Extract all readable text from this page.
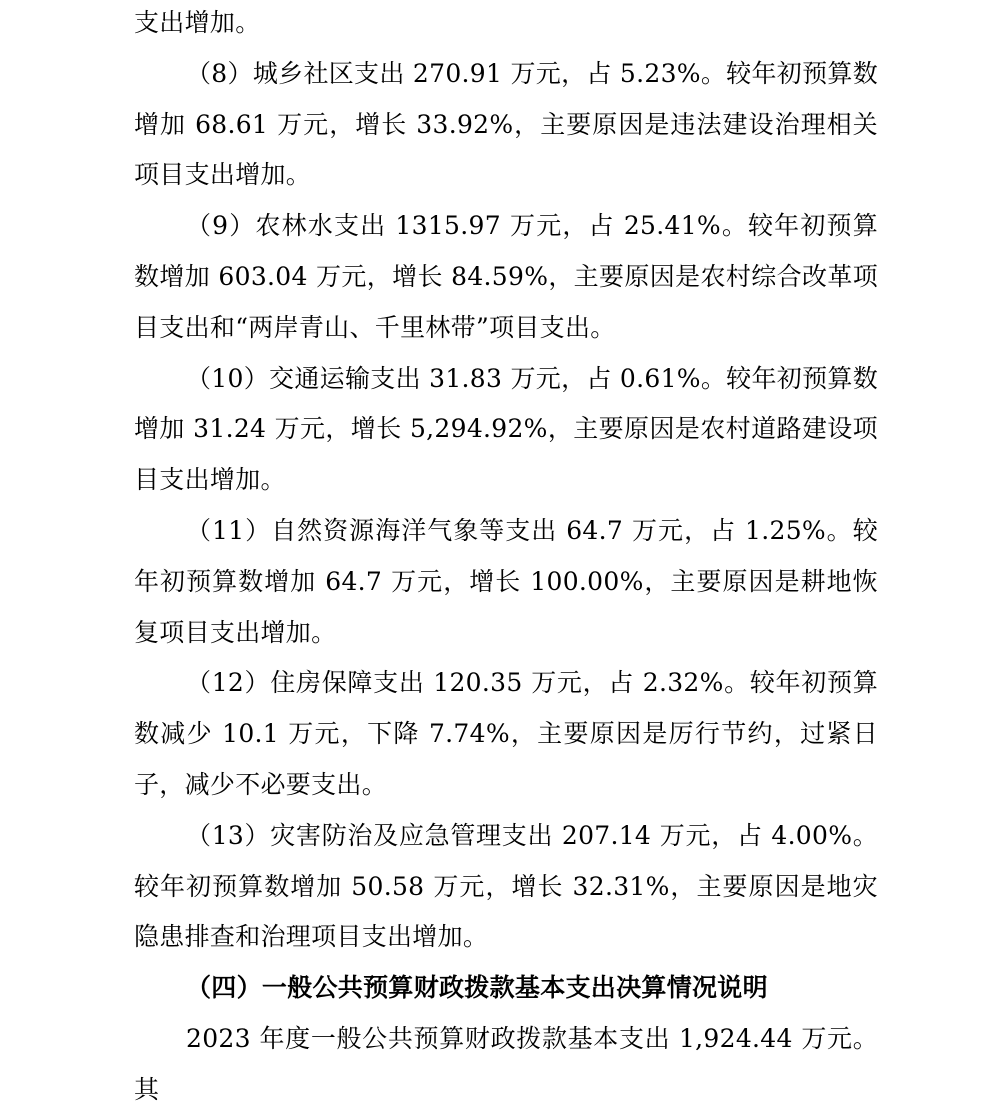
支出增加。

（8）城乡社区支出 270.91 万元，占 5.23%。较年初预算数增加 68.61 万元，增长 33.92%，主要原因是违法建设治理相关项目支出增加。

（9）农林水支出 1315.97 万元，占 25.41%。较年初预算数增加 603.04 万元，增长 84.59%，主要原因是农村综合改革项目支出和“两岸青山、千里林带”项目支出。

（10）交通运输支出 31.83 万元，占 0.61%。较年初预算数增加 31.24 万元，增长 5,294.92%，主要原因是农村道路建设项目支出增加。

（11）自然资源海洋气象等支出 64.7 万元，占 1.25%。较年初预算数增加 64.7 万元，增长 100.00%，主要原因是耕地恢复项目支出增加。

（12）住房保障支出 120.35 万元，占 2.32%。较年初预算数减少 10.1 万元，下降 7.74%，主要原因是厉行节约，过紧日子，减少不必要支出。

（13）灾害防治及应急管理支出 207.14 万元，占 4.00%。较年初预算数增加 50.58 万元，增长 32.31%，主要原因是地灾隐患排查和治理项目支出增加。

（四）一般公共预算财政拨款基本支出决算情况说明

2023 年度一般公共预算财政拨款基本支出 1,924.44 万元。其
